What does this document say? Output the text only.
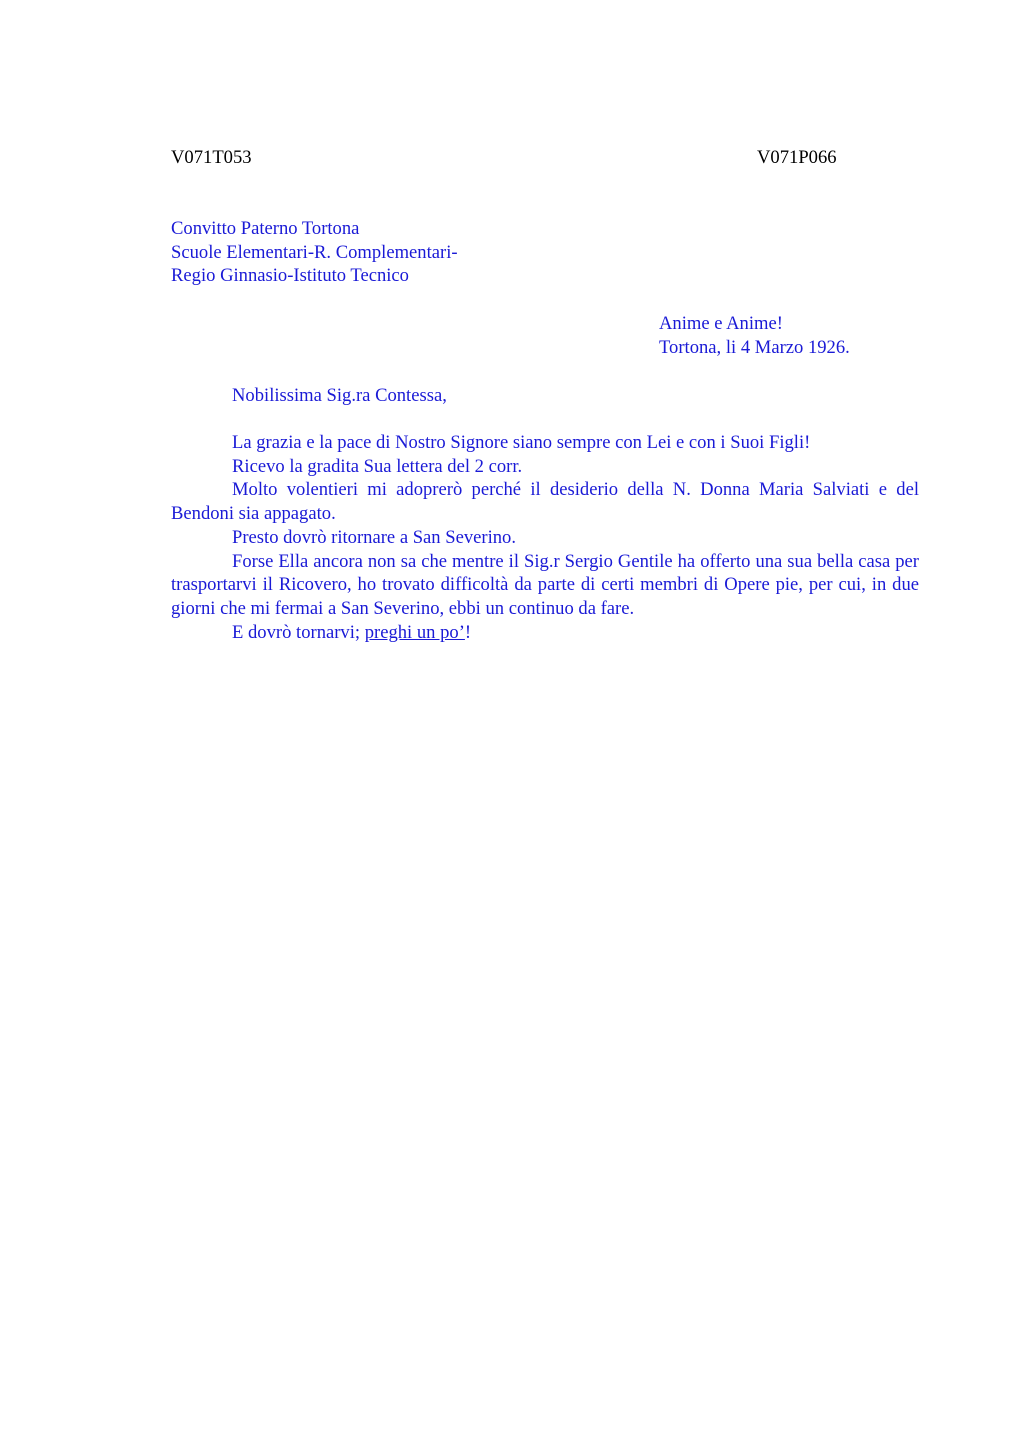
V071T053	V071P066
Convitto Paterno Tortona
Scuole Elementari-R. Complementari-
Regio Ginnasio-Istituto Tecnico
Anime e Anime!
Tortona, li 4 Marzo 1926.
Nobilissima Sig.ra Contessa,

La grazia e la pace di Nostro Signore siano sempre con Lei e con i Suoi Figli!

Ricevo la gradita Sua lettera del 2 corr.

Molto volentieri mi adoprerò perché il desiderio della N. Donna Maria Salviati e del Bendoni sia appagato.

Presto dovrò ritornare a San Severino.

Forse Ella ancora non sa che mentre il Sig.r Sergio Gentile ha offerto una sua bella casa per trasportarvi il Ricovero, ho trovato difficoltà da parte di certi membri di Opere pie, per cui, in due giorni che mi fermai a San Severino, ebbi un continuo da fare.

E dovrò tornarvi; preghi un po’!
